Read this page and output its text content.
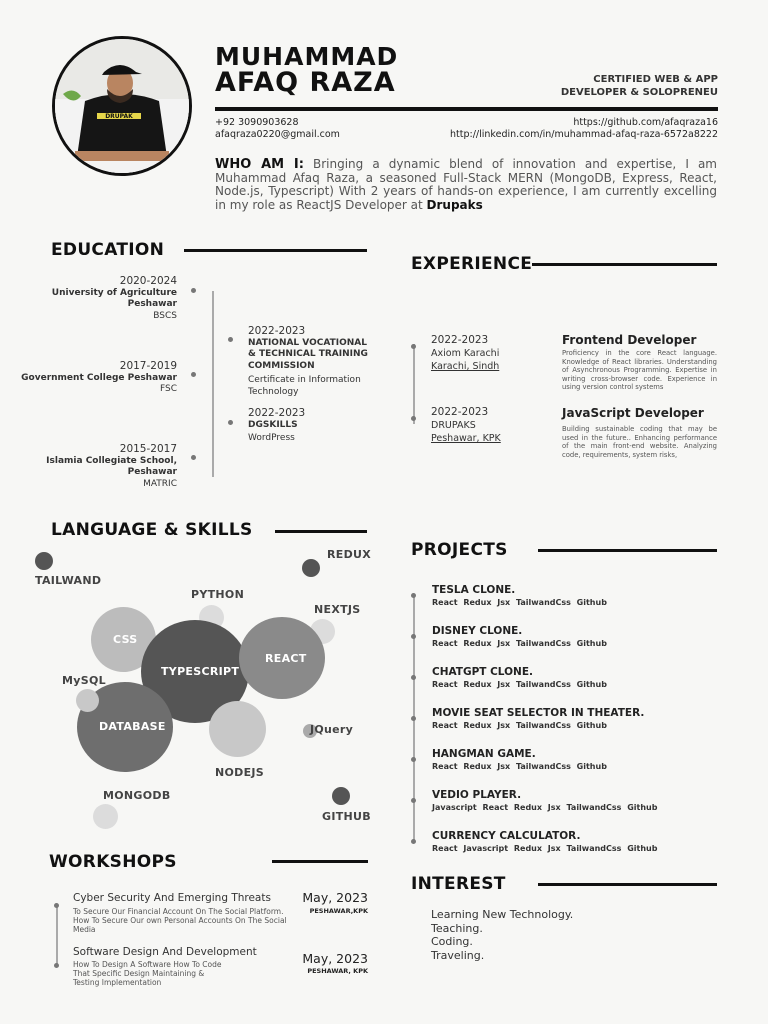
DRUPAK
MUHAMMAD
AFAQ RAZA	CERTIFIED WEB & APP
DEVELOPER & SOLOPRENEU
+92 3090903628
afaqraza0220@gmail.com
https://github.com/afaqraza16
http://linkedin.com/in/muhammad-afaq-raza-6572a8222
WHO AM I: Bringing a dynamic blend of innovation and expertise, I am Muhammad Afaq Raza, a seasoned Full-Stack MERN (MongoDB, Express, React, Node.js, Typescript) With 2 years of hands-on experience, I am currently excelling in my role as ReactJS Developer at Drupaks
EDUCATION
2020-2024
University of Agriculture Peshawar
BSCS
2017-2019
Government College Peshawar
FSC
2015-2017
Islamia Collegiate School, Peshawar
MATRIC
2022-2023
NATIONAL VOCATIONAL & TECHNICAL TRAINING COMMISSION
Certificate in Information Technology
2022-2023
DGSKILLS
WordPress
EXPERIENCE
2022-2023
Axiom Karachi
Karachi, Sindh
Frontend Developer
Proficiency in the core React language. Knowledge of React libraries. Understanding of Asynchronous Programming. Expertise in writing cross-browser code. Experience in using version control systems
2022-2023
DRUPAKS
Peshawar, KPK
JavaScript Developer
Building sustainable coding that may be used in the future.. Enhancing performance of the main front-end website. Analyzing code, requirements, system risks,
LANGUAGE & SKILLS
TAILWAND
REDUX
PYTHON
NEXTJS
CSS
TYPESCRIPT
REACT
MySQL
DATABASE
NODEJS
JQuery
MONGODB
GITHUB
PROJECTS
TESLA CLONE.
React Redux Jsx TailwandCss Github
DISNEY CLONE.
React Redux Jsx TailwandCss Github
CHATGPT CLONE.
React Redux Jsx TailwandCss Github
MOVIE SEAT SELECTOR IN THEATER.
React Redux Jsx TailwandCss Github
HANGMAN GAME.
React Redux Jsx TailwandCss Github
VEDIO PLAYER.
Javascript React Redux Jsx TailwandCss Github
CURRENCY CALCULATOR.
React Javascript Redux Jsx TailwandCss Github
WORKSHOPS
Cyber Security And Emerging Threats
To Secure Our Financial Account On The Social Platform. How To Secure Our own Personal Accounts On The Social Media
May, 2023
PESHAWAR,KPK
Software Design And Development
How To Design A Software How To Code That Specific Design Maintaining & Testing Implementation
May, 2023
PESHAWAR, KPK
INTEREST
Learning New Technology.
Teaching.
Coding.
Traveling.
